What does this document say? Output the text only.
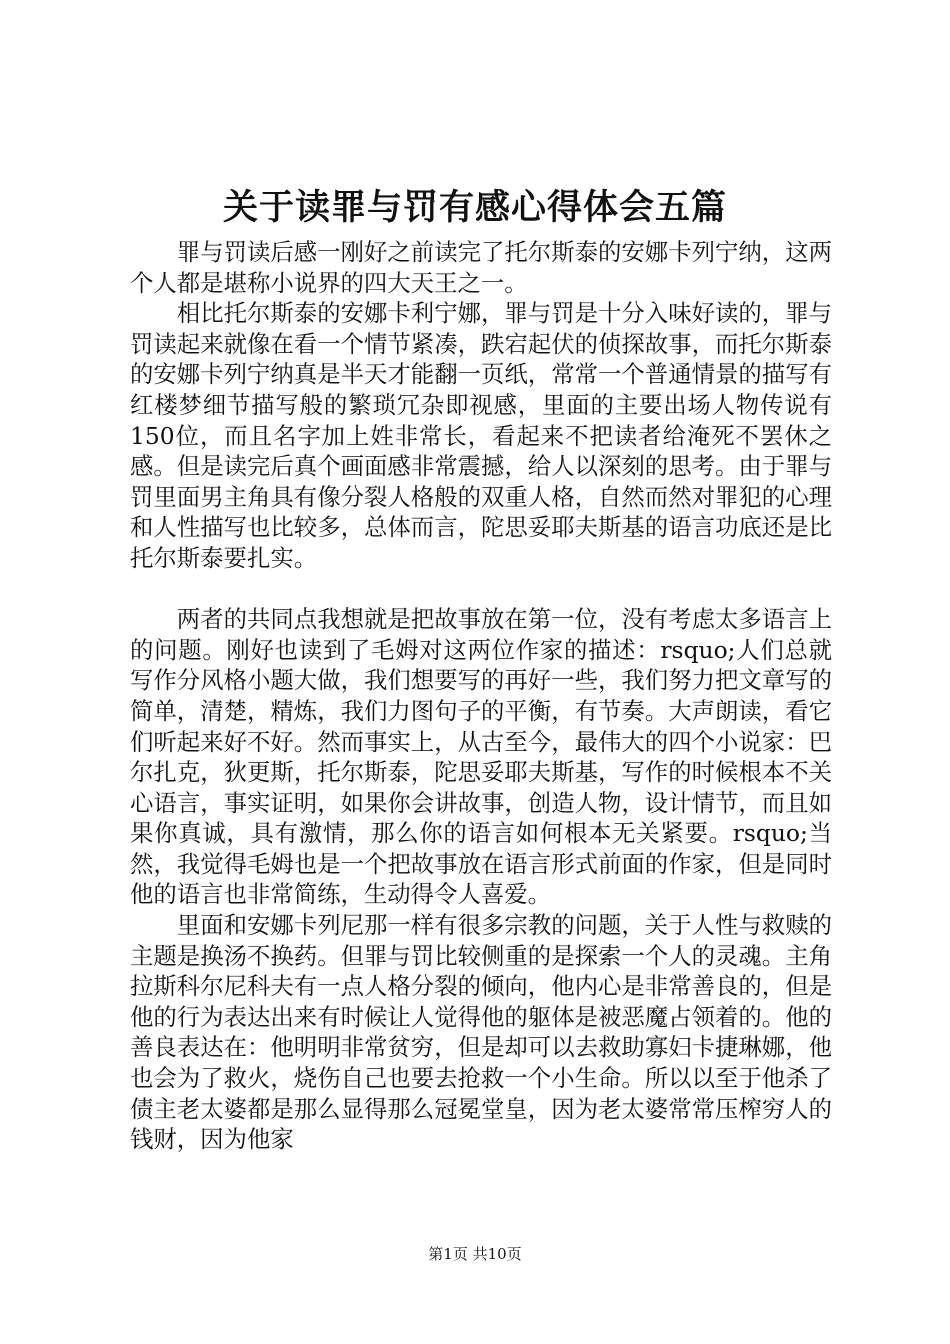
关于读罪与罚有感心得体会五篇

罪与罚读后感一刚好之前读完了托尔斯泰的安娜卡列宁纳，这两个人都是堪称小说界的四大天王之一。

相比托尔斯泰的安娜卡利宁娜，罪与罚是十分入味好读的，罪与罚读起来就像在看一个情节紧凑，跌宕起伏的侦探故事，而托尔斯泰的安娜卡列宁纳真是半天才能翻一页纸，常常一个普通情景的描写有红楼梦细节描写般的繁琐冗杂即视感，里面的主要出场人物传说有150位，而且名字加上姓非常长，看起来不把读者给淹死不罢休之感。但是读完后真个画面感非常震撼，给人以深刻的思考。由于罪与罚里面男主角具有像分裂人格般的双重人格，自然而然对罪犯的心理和人性描写也比较多，总体而言，陀思妥耶夫斯基的语言功底还是比托尔斯泰要扎实。

两者的共同点我想就是把故事放在第一位，没有考虑太多语言上的问题。刚好也读到了毛姆对这两位作家的描述：rsquo;人们总就写作分风格小题大做，我们想要写的再好一些，我们努力把文章写的简单，清楚，精炼，我们力图句子的平衡，有节奏。大声朗读，看它们听起来好不好。然而事实上，从古至今，最伟大的四个小说家：巴尔扎克，狄更斯，托尔斯泰，陀思妥耶夫斯基，写作的时候根本不关心语言，事实证明，如果你会讲故事，创造人物，设计情节，而且如果你真诚，具有激情，那么你的语言如何根本无关紧要。rsquo;当然，我觉得毛姆也是一个把故事放在语言形式前面的作家，但是同时他的语言也非常简练，生动得令人喜爱。

里面和安娜卡列尼那一样有很多宗教的问题，关于人性与救赎的主题是换汤不换药。但罪与罚比较侧重的是探索一个人的灵魂。主角拉斯科尔尼科夫有一点人格分裂的倾向，他内心是非常善良的，但是他的行为表达出来有时候让人觉得他的躯体是被恶魔占领着的。他的善良表达在：他明明非常贫穷，但是却可以去救助寡妇卡捷琳娜，他也会为了救火，烧伤自己也要去抢救一个小生命。所以以至于他杀了债主老太婆都是那么显得那么冠冕堂皇，因为老太婆常常压榨穷人的钱财，因为他家

第1页 共10页
